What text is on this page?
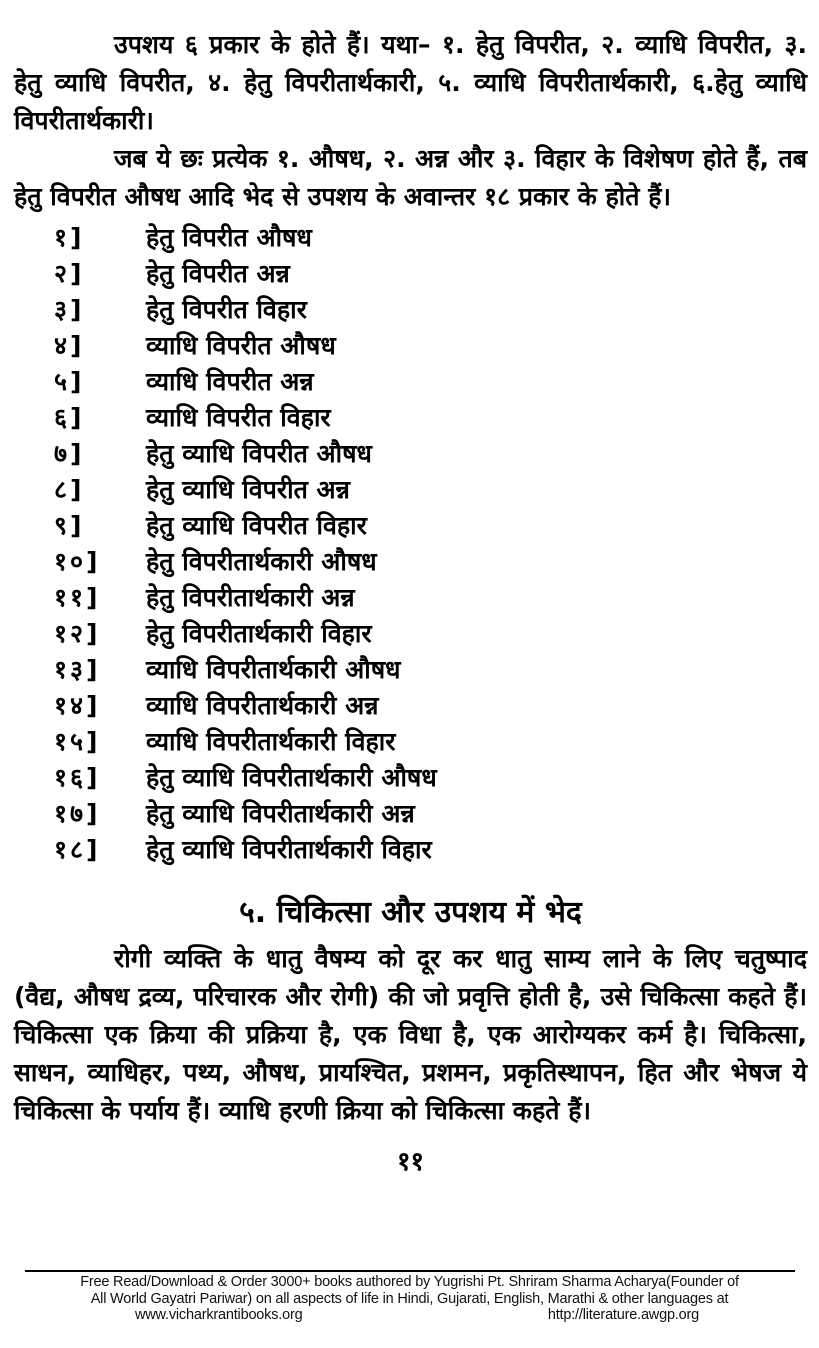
उपशय ६ प्रकार के होते हैं। यथा– १. हेतु विपरीत, २. व्याधि विपरीत, ३. हेतु व्याधि विपरीत, ४. हेतु विपरीतार्थकारी, ५. व्याधि विपरीतार्थकारी, ६.हेतु व्याधि विपरीतार्थकारी।

जब ये छः प्रत्येक १. औषध, २. अन्न और ३. विहार के विशेषण होते हैं, तब हेतु विपरीत औषध आदि भेद से उपशय के अवान्तर १८ प्रकार के होते हैं।

१]	हेतु विपरीत औषध
२]	हेतु विपरीत अन्न
३]	हेतु विपरीत विहार
४]	व्याधि विपरीत औषध
५]	व्याधि विपरीत अन्न
६]	व्याधि विपरीत विहार
७]	हेतु व्याधि विपरीत औषध
८]	हेतु व्याधि विपरीत अन्न
९]	हेतु व्याधि विपरीत विहार
१०]	हेतु विपरीतार्थकारी औषध
११]	हेतु विपरीतार्थकारी अन्न
१२]	हेतु विपरीतार्थकारी विहार
१३]	व्याधि विपरीतार्थकारी औषध
१४]	व्याधि विपरीतार्थकारी अन्न
१५]	व्याधि विपरीतार्थकारी विहार
१६]	हेतु व्याधि विपरीतार्थकारी औषध
१७]	हेतु व्याधि विपरीतार्थकारी अन्न
१८]	हेतु व्याधि विपरीतार्थकारी विहार
५. चिकित्सा और उपशय में भेद

रोगी व्यक्ति के धातु वैषम्य को दूर कर धातु साम्य लाने के लिए चतुष्पाद (वैद्य, औषध द्रव्य, परिचारक और रोगी) की जो प्रवृत्ति होती है, उसे चिकित्सा कहते हैं। चिकित्सा एक क्रिया की प्रक्रिया है, एक विधा है, एक आरोग्यकर कर्म है। चिकित्सा, साधन, व्याधिहर, पथ्य, औषध, प्रायश्चित, प्रशमन, प्रकृतिस्थापन, हित और भेषज ये चिकित्सा के पर्याय हैं। व्याधि हरणी क्रिया को चिकित्सा कहते हैं।

११
Free Read/Download & Order 3000+ books authored by Yugrishi Pt. Shriram Sharma Acharya(Founder of
All World Gayatri Pariwar) on all aspects of life in Hindi, Gujarati, English, Marathi & other languages at
www.vicharkrantibooks.org	http://literature.awgp.org
